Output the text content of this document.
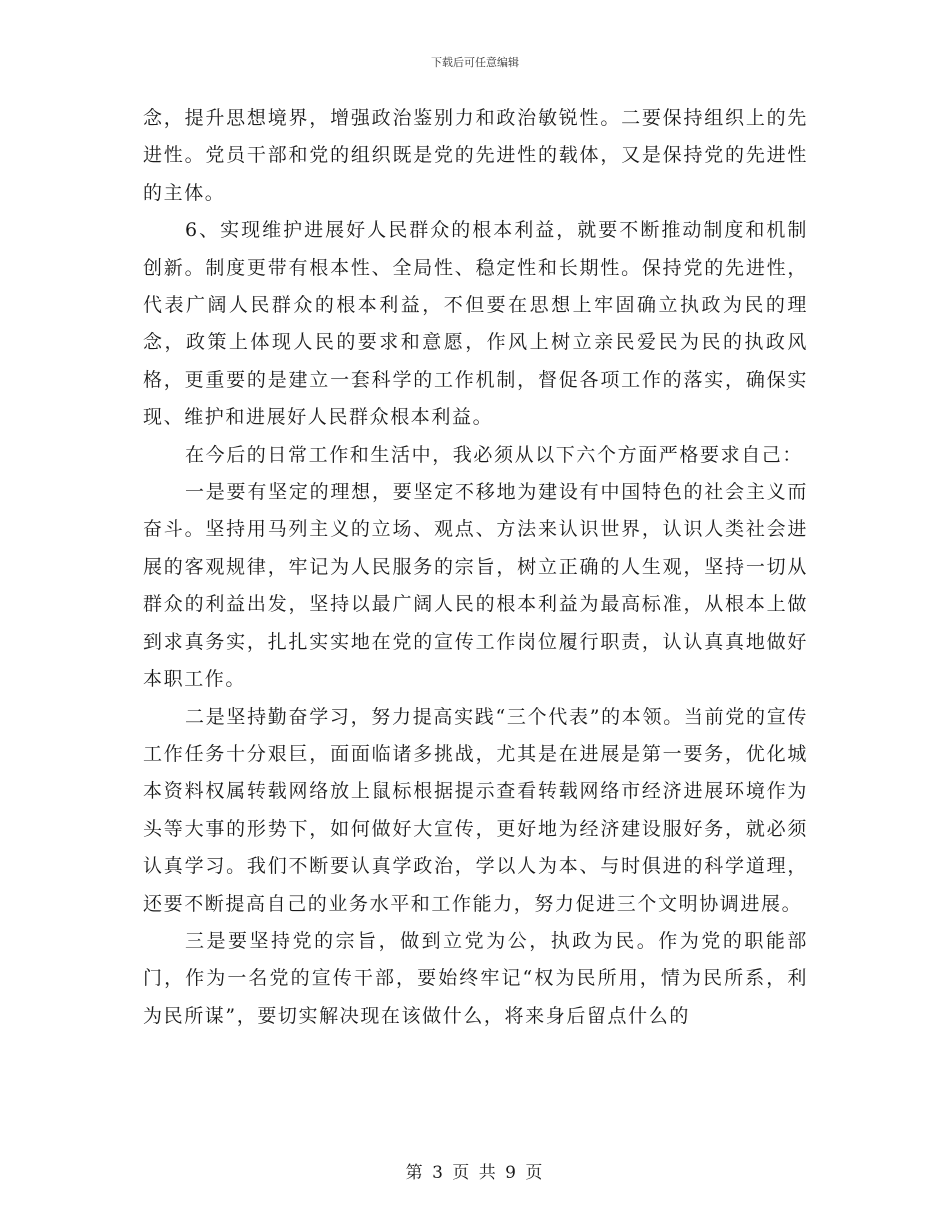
下载后可任意编辑

念，提升思想境界，增强政治鉴别力和政治敏锐性。二要保持组织上的先进性。党员干部和党的组织既是党的先进性的载体，又是保持党的先进性的主体。

6、实现维护进展好人民群众的根本利益，就要不断推动制度和机制创新。制度更带有根本性、全局性、稳定性和长期性。保持党的先进性，代表广阔人民群众的根本利益，不但要在思想上牢固确立执政为民的理念，政策上体现人民的要求和意愿，作风上树立亲民爱民为民的执政风格，更重要的是建立一套科学的工作机制，督促各项工作的落实，确保实现、维护和进展好人民群众根本利益。

在今后的日常工作和生活中，我必须从以下六个方面严格要求自己：

一是要有坚定的理想，要坚定不移地为建设有中国特色的社会主义而奋斗。坚持用马列主义的立场、观点、方法来认识世界，认识人类社会进展的客观规律，牢记为人民服务的宗旨，树立正确的人生观，坚持一切从群众的利益出发，坚持以最广阔人民的根本利益为最高标准，从根本上做到求真务实，扎扎实实地在党的宣传工作岗位履行职责，认认真真地做好本职工作。

二是坚持勤奋学习，努力提高实践“三个代表”的本领。当前党的宣传工作任务十分艰巨，面面临诸多挑战，尤其是在进展是第一要务，优化城本资料权属转载网络放上鼠标根据提示查看转载网络市经济进展环境作为头等大事的形势下，如何做好大宣传，更好地为经济建设服好务，就必须认真学习。我们不断要认真学政治，学以人为本、与时俱进的科学道理，还要不断提高自己的业务水平和工作能力，努力促进三个文明协调进展。

三是要坚持党的宗旨，做到立党为公，执政为民。作为党的职能部门，作为一名党的宣传干部，要始终牢记“权为民所用，情为民所系，利为民所谋”，要切实解决现在该做什么，将来身后留点什么的

第 3 页 共 9 页
